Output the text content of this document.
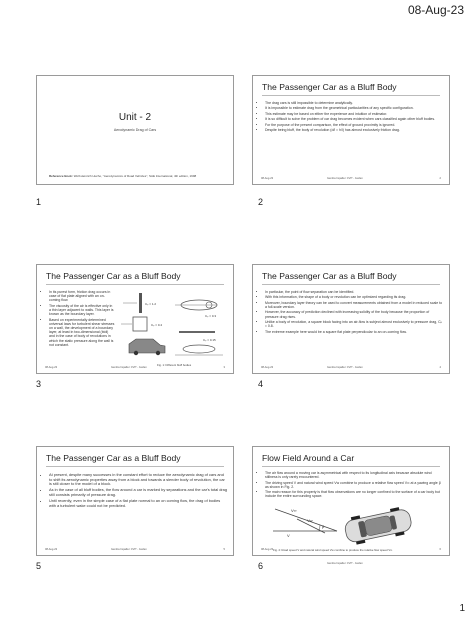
08-Aug-23
Unit - 2
Aerodynamic Drag of Cars
Reference Book: Wolf-Heinrich Hucho, "Aerodynamics of Road Vehicles", SAE International, 4th edition, 1998
1
The Passenger Car as a Bluff Body
• The drag cars is still impossible to determine analytically.
• It is impossible to estimate drag from the geometrical particularities of any specific configuration.
• This estimate may be based on either the experience and intuition of estimator.
• It is so difficult to solve the problem of car drag becomes evident when cars classified again other bluff bodies.
• For the purpose of the present comparison, the effect of ground proximity is ignored.
• Despite being bluff, the body of revolution (d/l ≈ h/l) has almost exclusively friction drag.
08-Aug-23	Gemba Impalla / CVIT - Guden	2
2
The Passenger Car as a Bluff Body
• In its purest form, friction drag occurs in case of flat plate aligned with an on-coming flow.
• The viscosity of the air is effective only in a thin layer adjacent to walls. This layer is known as the boundary layer.
• Based on experimentally determined universal laws for turbulent shear stresses on a wall, the development of a boundary layer, at least in two-dimensional (bidi) and in the case of body of revolutions in which the static pressure along the wall is not constant.
Cₚ = 1.2
Cₚ = 0.4
Cₚ = 0.3
Cₚ = 0.15
Fig. 1: Different bluff bodies
08-Aug-23	Gemba Impalla / CVIT - Guden	3
3
The Passenger Car as a Bluff Body
• In particular, the point of flow separation can be identified.
• With this information, the shape of a body or revolution can be optimized regarding its drag.
• Moreover, boundary layer theory can be used to convert measurements obtained from a model in reduced scale to a full-scale version.
• However, the accuracy of prediction declined with increasing solidity of the body because the proportion of pressure drag rises.
• Unlike a body of revolution, a square block facing into an air-flow is subject almost exclusively to pressure drag, Cₚ ≈ 0.8.
• The extreme example here would be a square flat plate perpendicular to an on-coming flow.
08-Aug-23	Gemba Impalla / CVIT - Guden	4
4
The Passenger Car as a Bluff Body
• At present, despite many successes in the constant effort to reduce the aerodynamic drag of cars and to shift its aerodynamic properties away from a block and towards a slender body of revolution, the car is still closer to the model of a block.
• As in the case of all bluff bodies, the flow around a car is marked by separations and the car's total drag still consists primarily of pressure drag.
• Until recently, even in the simple case of a flat plate normal to an on coming flow, the drag of bodies with a turbulent wake could not be predicted.
08-Aug-23	Gemba Impalla / CVIT - Guden	5
5
Flow Field Around a Car
• The air flow around a moving car is asymmetrical with respect to its longitudinal axis because absolute wind stillness is only rarely encountered.
• The driving speed V and natural wind speed Vw combine to produce a relative flow speed V∞ at a yawing angle β as shown in Fig. 2.
• The main reason for this property is that flow observations are no longer confined to the surface of a car body but include the entire surrounding space.
V
Vw
V∞
β
Fig. 2: Road speed V and natural wind speed Vw combine to produce the relative flow speed V∞
08-Aug-23	6
Gemba Impalla / CVIT - Guden
6
1
